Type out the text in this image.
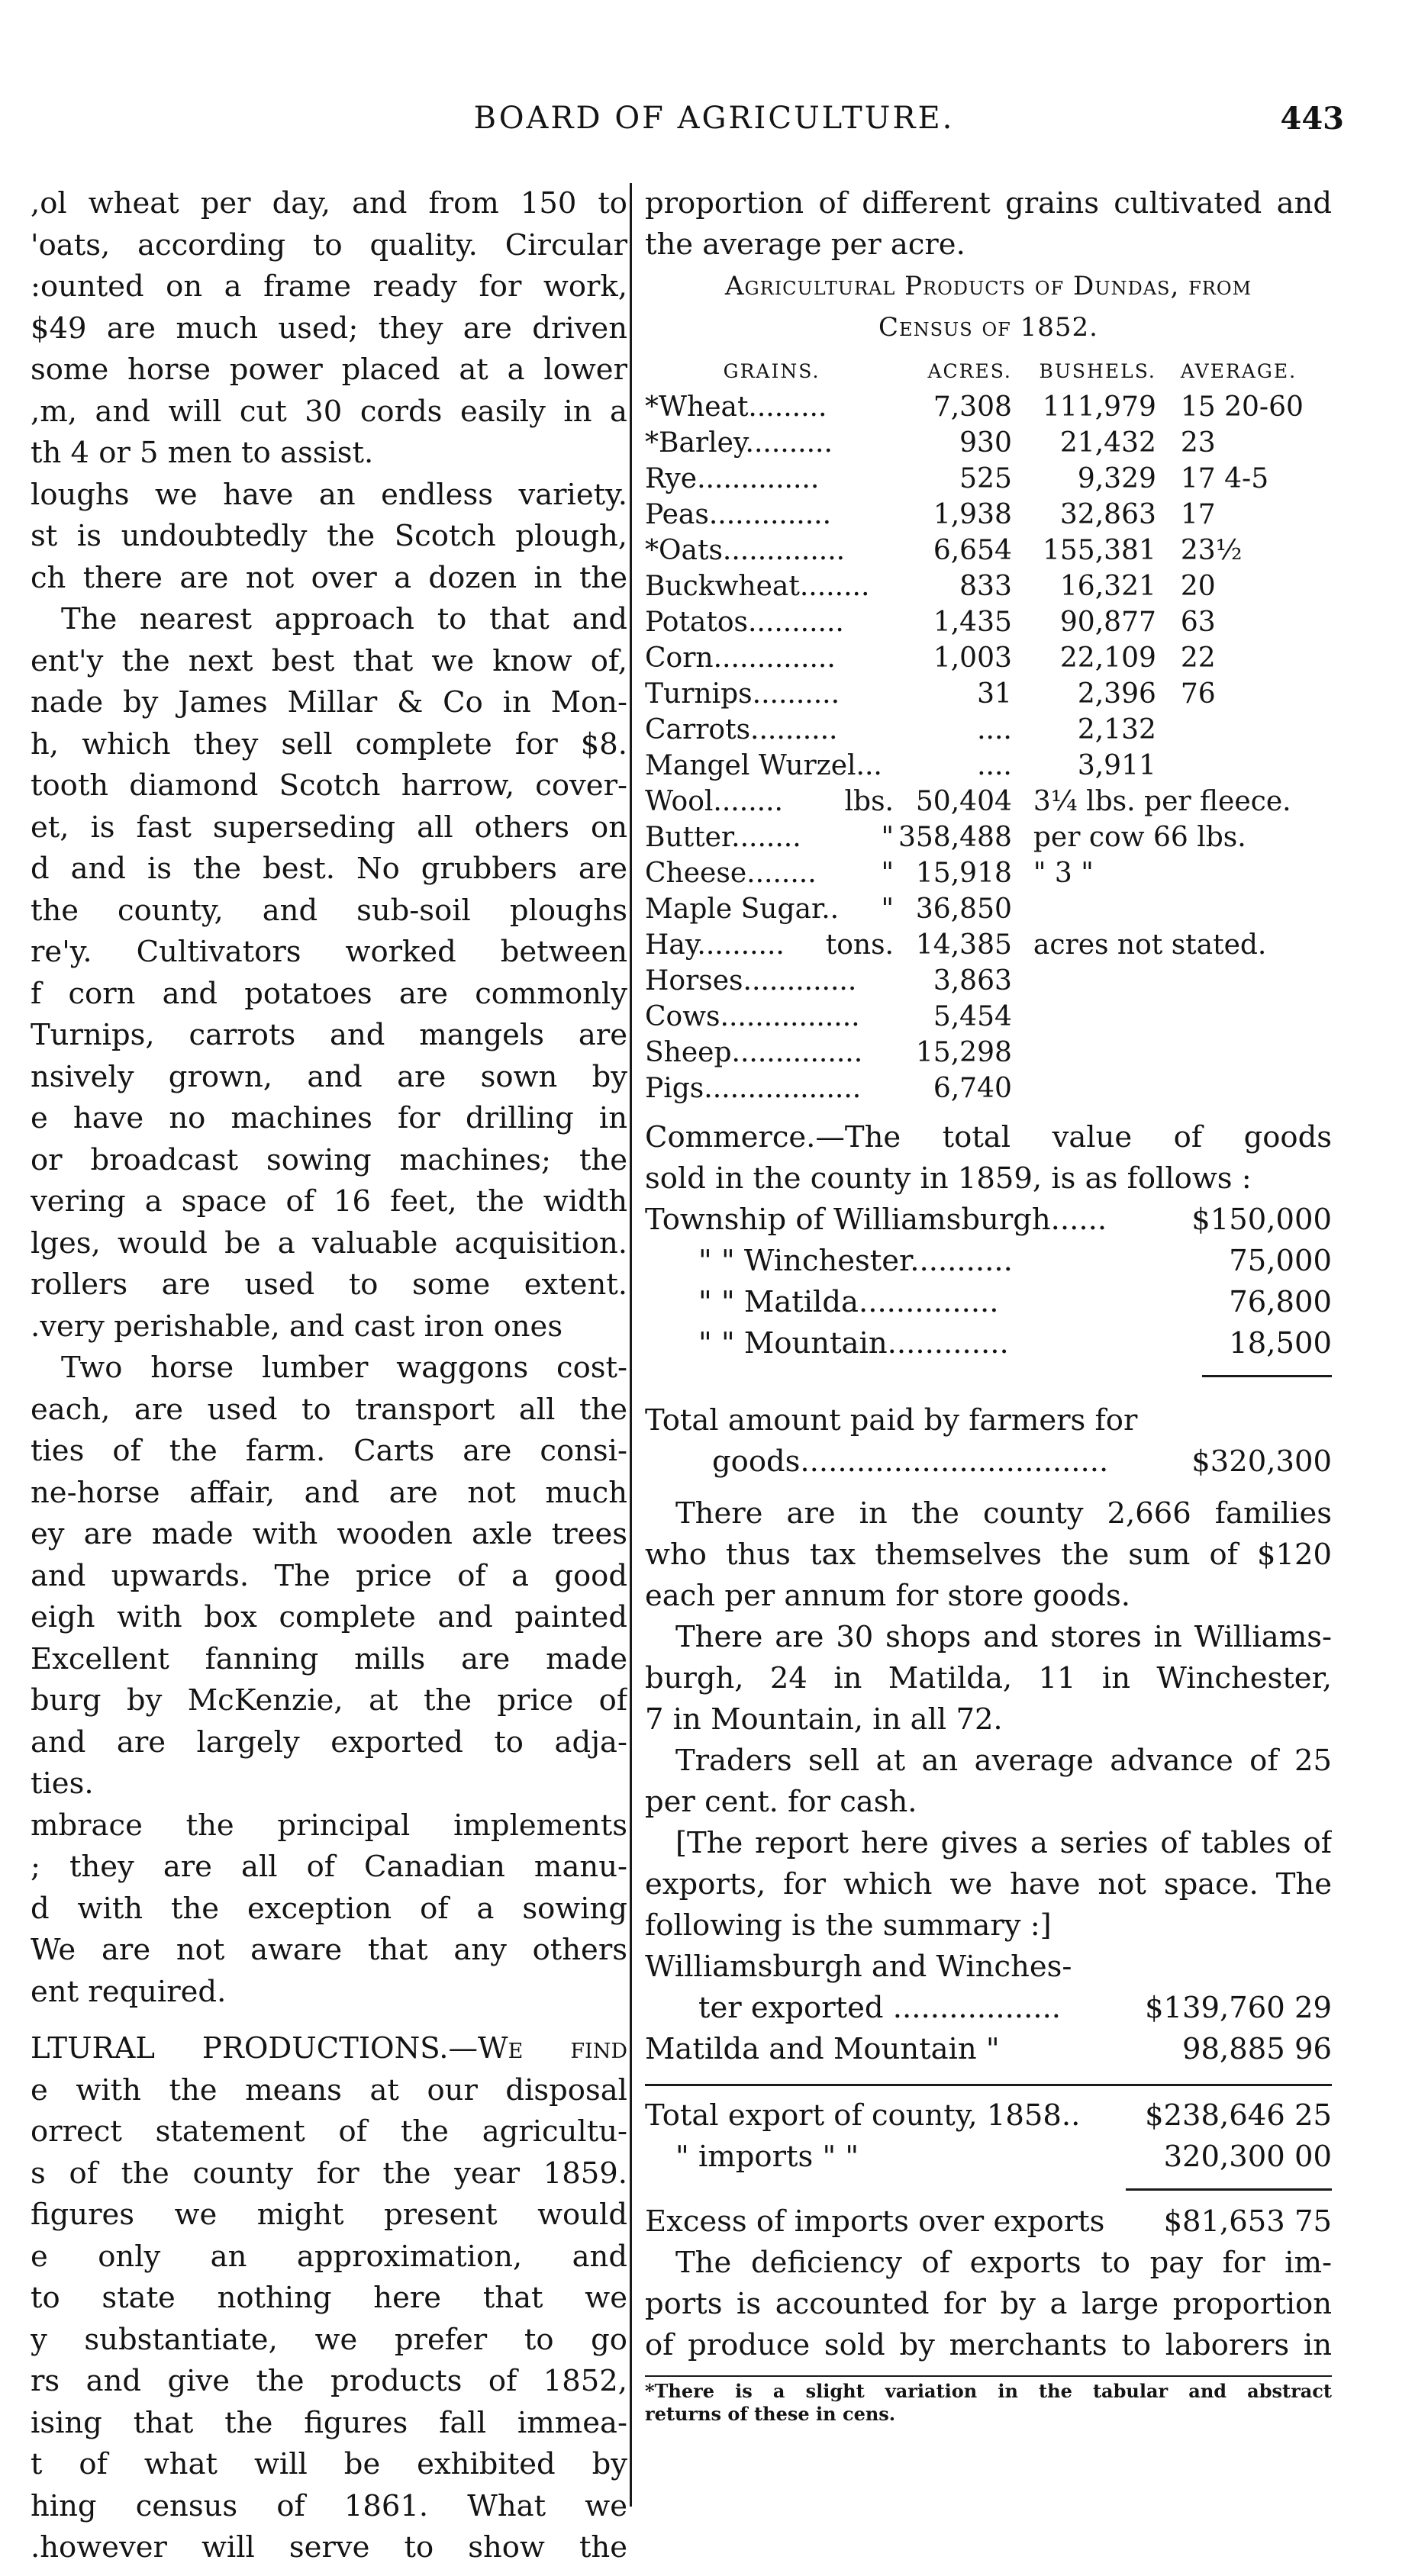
BOARD OF AGRICULTURE.	443
,ol wheat per day, and from 150 to
'oats, according to quality. Circular
:ounted on a frame ready for work,
$49 are much used; they are driven
some horse power placed at a lower
,m, and will cut 30 cords easily in a
th 4 or 5 men to assist.
loughs we have an endless variety.
st is undoubtedly the Scotch plough,
ch there are not over a dozen in the
The nearest approach to that and
ent'y the next best that we know of,
nade by James Millar & Co in Mon-
h, which they sell complete for $8.
tooth diamond Scotch harrow, cover-
et, is fast superseding all others on
d and is the best. No grubbers are
the county, and sub-soil ploughs
re'y. Cultivators worked between
f corn and potatoes are commonly
Turnips, carrots and mangels are
nsively grown, and are sown by
e have no machines for drilling in
or broadcast sowing machines; the
vering a space of 16 feet, the width
lges, would be a valuable acquisition.
rollers are used to some extent.
.very perishable, and cast iron ones
Two horse lumber waggons cost-
each, are used to transport all the
ties of the farm. Carts are consi-
ne-horse affair, and are not much
ey are made with wooden axle trees
and upwards. The price of a good
eigh with box complete and painted
Excellent fanning mills are made
burg by McKenzie, at the price of
and are largely exported to adja-
ties.
mbrace the principal implements
; they are all of Canadian manu-
d with the exception of a sowing
We are not aware that any others
ent required.
LTURAL PRODUCTIONS.—We find
e with the means at our disposal
orrect statement of the agricultu-
s of the county for the year 1859.
figures we might present would
e only an approximation, and
to state nothing here that we
y substantiate, we prefer to go
rs and give the products of 1852,
ising that the figures fall immea-
t of what will be exhibited by
hing census of 1861. What we
.however will serve to show the
proportion of different grains cultivated and
the average per acre.
Agricultural Products of Dundas, from
Census of 1852.
GRAINS.	ACRES.	BUSHELS.	AVERAGE.
*Wheat.........	7,308	111,979	15 20-60
*Barley..........	930	21,432	23
Rye..............	525	9,329	17 4-5
Peas..............	1,938	32,863	17
*Oats..............	6,654	155,381	23½
Buckwheat........	833	16,321	20
Potatos...........	1,435	90,877	63
Corn..............	1,003	22,109	22
Turnips..........	31	2,396	76
Carrots..........	....	2,132	
Mangel Wurzel...	....	3,911	
Wool........ lbs.	50,404	3¼ lbs. per fleece.	
Butter........ "	358,488	per cow 66 lbs.	
Cheese........ "	15,918	" 3 "	
Maple Sugar.. "	36,850		
Hay.......... tons.	14,385	acres not stated.	
Horses.............	3,863		
Cows................	5,454		
Sheep...............	15,298		
Pigs..................	6,740		
Commerce.—The total value of goods
sold in the county in 1859, is as follows :
Township of Williamsburgh......	$150,000
" " Winchester...........	75,000
" " Matilda...............	76,800
" " Mountain.............	18,500
Total amount paid by farmers for
goods.................................	$320,300
There are in the county 2,666 families
who thus tax themselves the sum of $120
each per annum for store goods.
There are 30 shops and stores in Williams-
burgh, 24 in Matilda, 11 in Winchester,
7 in Mountain, in all 72.
Traders sell at an average advance of 25
per cent. for cash.
[The report here gives a series of tables of
exports, for which we have not space. The
following is the summary :]
Williamsburgh and Winches-
ter exported ..................	$139,760 29
Matilda and Mountain "	98,885 96
Total export of county, 1858..	$238,646 25
" imports " "	320,300 00
Excess of imports over exports	$81,653 75
The deficiency of exports to pay for im-
ports is accounted for by a large proportion
of produce sold by merchants to laborers in
*There is a slight variation in the tabular and abstract
returns of these in cens.
